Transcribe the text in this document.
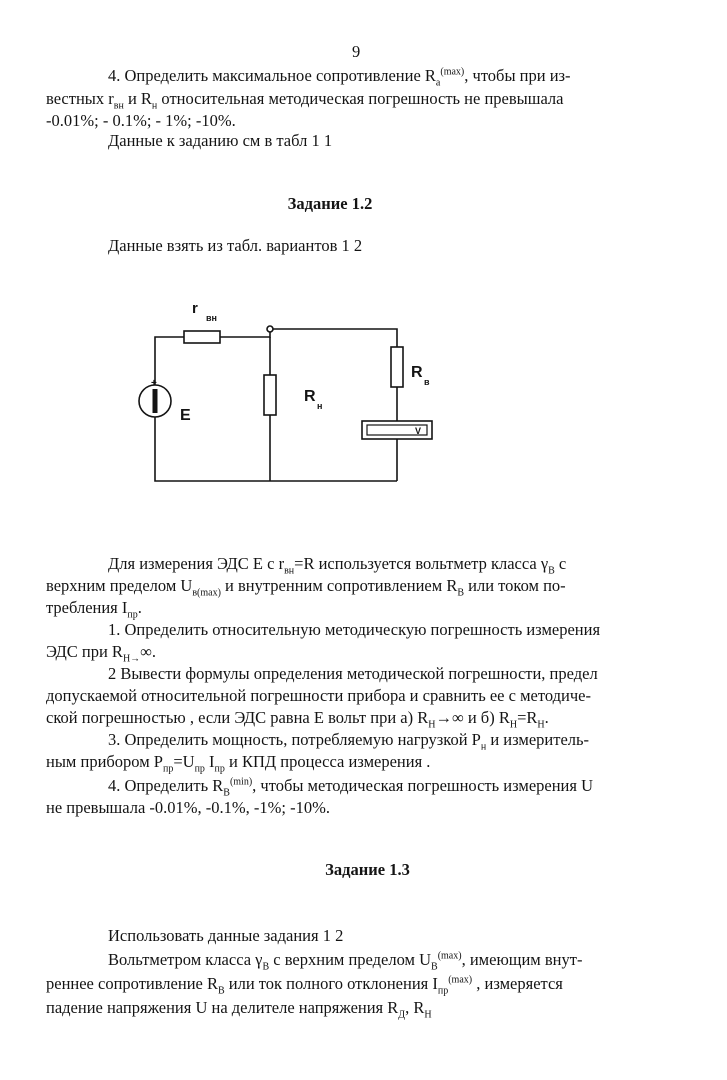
9
4. Определить максимальное сопротивление $R_a^{(max)}$, чтобы при из-
вестных $r_{вн}$ и $R_н$ относительная методическая погрешность не превышала
-0.01%; - 0.1%; - 1%; -10%.
Данные к заданию см в табл 1 1
Задание 1.2
Данные взять из табл. вариантов 1 2
+
E
r
вн
R
н
R
в
V
Для измерения ЭДС E с $r_{вн}=R$ используется вольтметр класса $\gamma_В$ с
верхним пределом $U_{в(max)}$ и внутренним сопротивлением $R_В$ или током по-
требления $I_{пр}$.
1. Определить относительную методическую погрешность измерения
ЭДС при $R_{Н\to}\infty$.
2 Вывести формулы определения методической погрешности, предел
допускаемой относительной погрешности прибора и сравнить ее с методиче-
ской погрешностью , если ЭДС равна E вольт при а) $R_Н\to\infty$ и б) $R_Н=R_Н$.
3. Определить мощность, потребляемую нагрузкой $P_н$ и измеритель-
ным прибором $P_{пр}=U_{пр}$ $I_{пр}$ и КПД процесса измерения .
4. Определить $R_В^{(min)}$, чтобы методическая погрешность измерения U
не превышала -0.01%, -0.1%, -1%; -10%.
Задание 1.3
Использовать данные задания 1 2
Вольтметром класса $\gamma_В$ с верхним пределом $U_В^{(max)}$, имеющим внут-
реннее сопротивление $R_В$ или ток полного отклонения $I_{пр}^{(max)}$ , измеряется
падение напряжения U на делителе напряжения $R_Д$, $R_Н$
